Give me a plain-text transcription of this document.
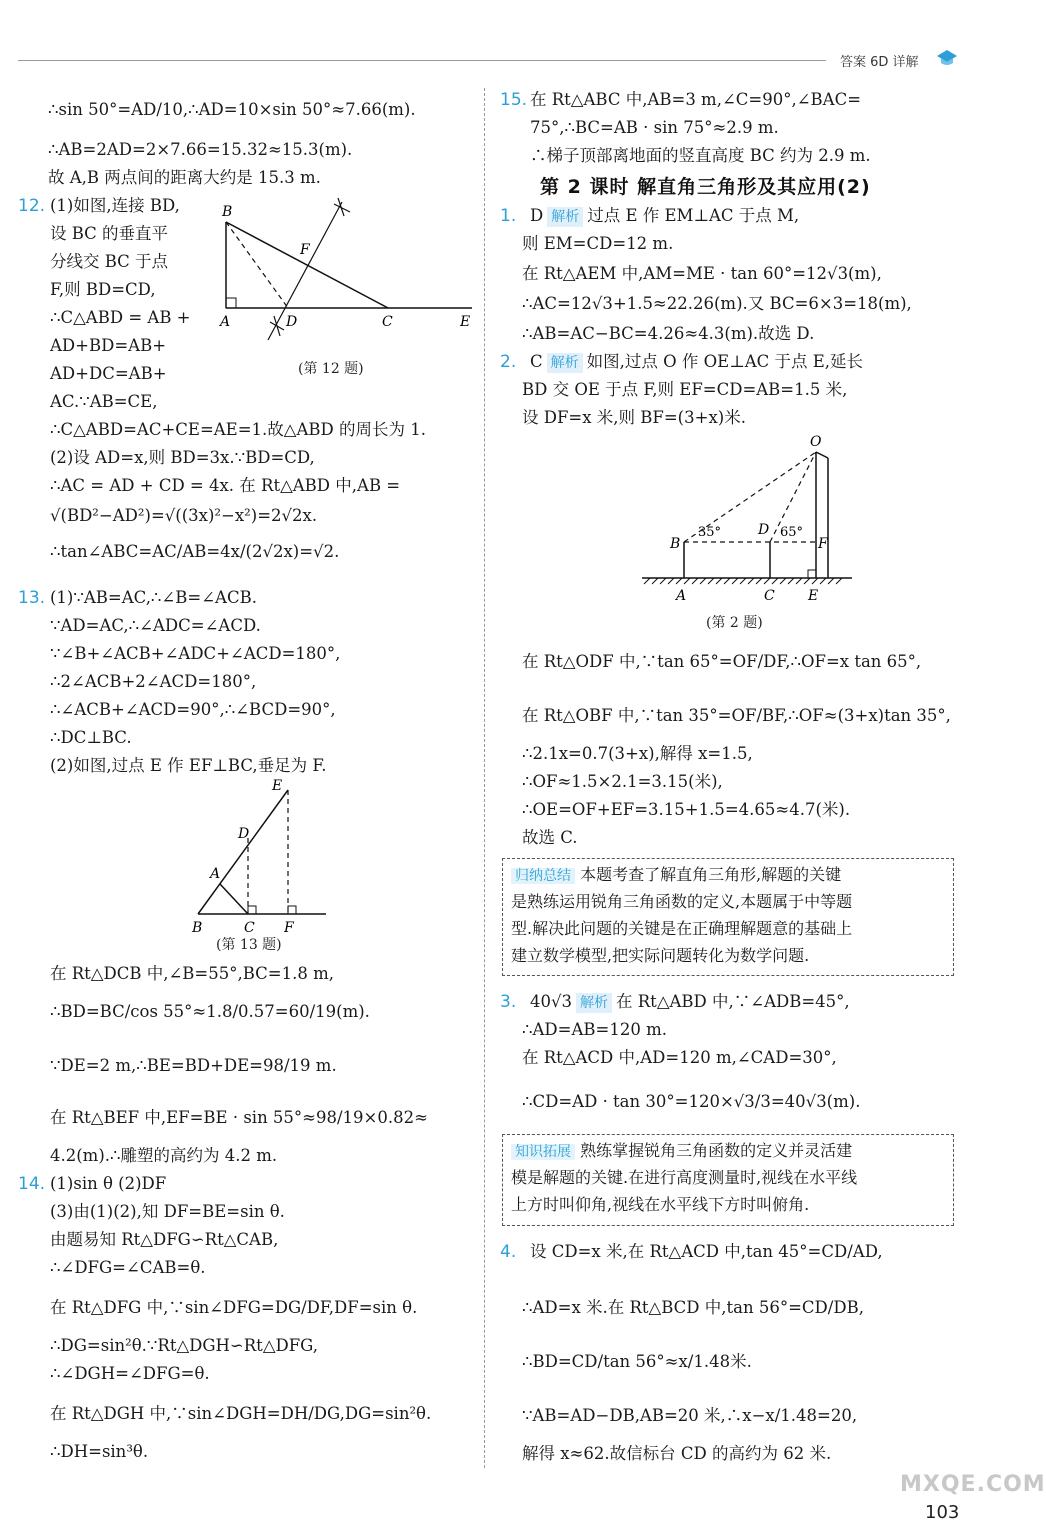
答案 6D 详解
∴sin 50°=AD/10,∴AD=10×sin 50°≈7.66(m).
∴AB=2AD=2×7.66=15.32≈15.3(m).
故 A,B 两点间的距离大约是 15.3 m.
12. (1)如图,连接 BD,
设 BC 的垂直平
分线交 BC 于点
F,则 BD=CD,
∴C△ABD = AB +
AD+BD=AB+
AD+DC=AB+
AC.∵AB=CE,
∴C△ABD=AC+CE=AE=1.故△ABD 的周长为 1.
(2)设 AD=x,则 BD=3x.∵BD=CD,
∴AC = AD + CD = 4x. 在 Rt△ABD 中,AB =
√(BD²−AD²)=√((3x)²−x²)=2√2x.
∴tan∠ABC=AC/AB=4x/(2√2x)=√2.
13. (1)∵AB=AC,∴∠B=∠ACB.
∵AD=AC,∴∠ADC=∠ACD.
∵∠B+∠ACB+∠ADC+∠ACD=180°,
∴2∠ACB+2∠ACD=180°,
∴∠ACB+∠ACD=90°,∴∠BCD=90°,
∴DC⊥BC.
(2)如图,过点 E 作 EF⊥BC,垂足为 F.
在 Rt△DCB 中,∠B=55°,BC=1.8 m,
∴BD=BC/cos 55°≈1.8/0.57=60/19(m).
∵DE=2 m,∴BE=BD+DE=98/19 m.
在 Rt△BEF 中,EF=BE · sin 55°≈98/19×0.82≈
4.2(m).∴雕塑的高约为 4.2 m.
14. (1)sin θ (2)DF
(3)由(1)(2),知 DF=BE=sin θ.
由题易知 Rt△DFG∽Rt△CAB,
∴∠DFG=∠CAB=θ.
在 Rt△DFG 中,∵sin∠DFG=DG/DF,DF=sin θ.
∴DG=sin²θ.∵Rt△DGH∽Rt△DFG,
∴∠DGH=∠DFG=θ.
在 Rt△DGH 中,∵sin∠DGH=DH/DG,DG=sin²θ.
∴DH=sin³θ.
15. 在 Rt△ABC 中,AB=3 m,∠C=90°,∠BAC=
75°,∴BC=AB · sin 75°≈2.9 m.
∴梯子顶部离地面的竖直高度 BC 约为 2.9 m.
1. D 解析 过点 E 作 EM⊥AC 于点 M,
则 EM=CD=12 m.
在 Rt△AEM 中,AM=ME · tan 60°=12√3(m),
∴AC=12√3+1.5≈22.26(m).又 BC=6×3=18(m),
∴AB=AC−BC=4.26≈4.3(m).故选 D.
2. C 解析 如图,过点 O 作 OE⊥AC 于点 E,延长
BD 交 OE 于点 F,则 EF=CD=AB=1.5 米,
设 DF=x 米,则 BF=(3+x)米.
在 Rt△ODF 中,∵tan 65°=OF/DF,∴OF=x tan 65°,
在 Rt△OBF 中,∵tan 35°=OF/BF,∴OF≈(3+x)tan 35°,
∴2.1x=0.7(3+x),解得 x=1.5,
∴OF≈1.5×2.1=3.15(米),
∴OE=OF+EF=3.15+1.5=4.65≈4.7(米).
故选 C.
3. 40√3 解析 在 Rt△ABD 中,∵∠ADB=45°,
∴AD=AB=120 m.
在 Rt△ACD 中,AD=120 m,∠CAD=30°,
∴CD=AD · tan 30°=120×√3/3=40√3(m).
4. 设 CD=x 米,在 Rt△ACD 中,tan 45°=CD/AD,
∴AD=x 米.在 Rt△BCD 中,tan 56°=CD/DB,
∴BD=CD/tan 56°≈x/1.48米.
∵AB=AD−DB,AB=20 米,∴x−x/1.48=20,
解得 x≈62.故信标台 CD 的高约为 62 米.
第 2 课时 解直角三角形及其应用(2)
归纳总结 本题考查了解直角三角形,解题的关键
是熟练运用锐角三角函数的定义,本题属于中等题
型.解决此问题的关键是在正确理解题意的基础上
建立数学模型,把实际问题转化为数学问题.
知识拓展 熟练掌握锐角三角函数的定义并灵活建
模是解题的关键.在进行高度测量时,视线在水平线
上方时叫仰角,视线在水平线下方时叫俯角.
B
F
A	D	C	E
(第 12 题)
E
D
A
B	C F
(第 13 题)
O
B
35°	D 65°
F
A	C E
(第 2 题)
MXQE.COM
103
